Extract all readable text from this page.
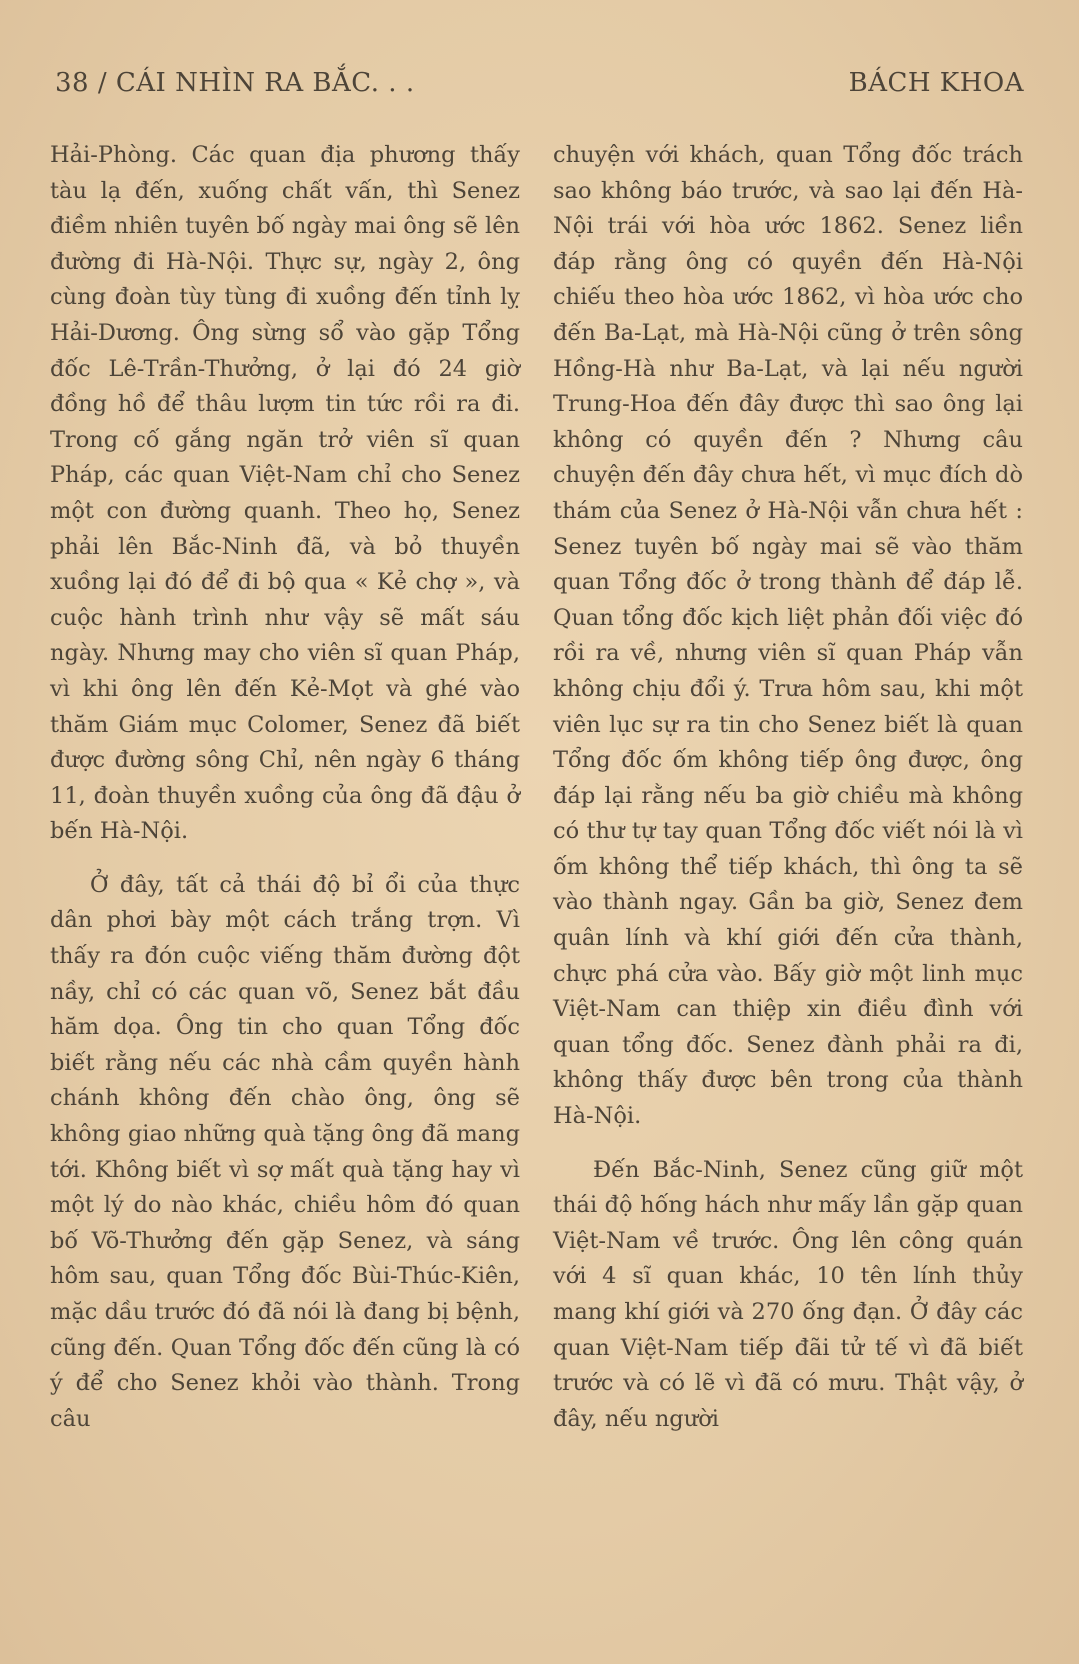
38 / CÁI NHÌN RA BẮC. . .	BÁCH KHOA

Hải-Phòng. Các quan địa phương thấy tàu lạ đến, xuống chất vấn, thì Senez điềm nhiên tuyên bố ngày mai ông sẽ lên đường đi Hà-Nội. Thực sự, ngày 2, ông cùng đoàn tùy tùng đi xuồng đến tỉnh lỵ Hải-Dương. Ông sừng sổ vào gặp Tổng đốc Lê-Trần-Thưởng, ở lại đó 24 giờ đồng hồ để thâu lượm tin tức rồi ra đi. Trong cố gắng ngăn trở viên sĩ quan Pháp, các quan Việt-Nam chỉ cho Senez một con đường quanh. Theo họ, Senez phải lên Bắc-Ninh đã, và bỏ thuyền xuồng lại đó để đi bộ qua « Kẻ chợ », và cuộc hành trình như vậy sẽ mất sáu ngày. Nhưng may cho viên sĩ quan Pháp, vì khi ông lên đến Kẻ-Mọt và ghé vào thăm Giám mục Colomer, Senez đã biết được đường sông Chỉ, nên ngày 6 tháng 11, đoàn thuyền xuồng của ông đã đậu ở bến Hà-Nội.

Ở đây, tất cả thái độ bỉ ổi của thực dân phơi bày một cách trắng trợn. Vì thấy ra đón cuộc viếng thăm đường đột nầy, chỉ có các quan võ, Senez bắt đầu hăm dọa. Ông tin cho quan Tổng đốc biết rằng nếu các nhà cầm quyền hành chánh không đến chào ông, ông sẽ không giao những quà tặng ông đã mang tới. Không biết vì sợ mất quà tặng hay vì một lý do nào khác, chiều hôm đó quan bố Võ-Thưởng đến gặp Senez, và sáng hôm sau, quan Tổng đốc Bùi-Thúc-Kiên, mặc dầu trước đó đã nói là đang bị bệnh, cũng đến. Quan Tổng đốc đến cũng là có ý để cho Senez khỏi vào thành. Trong câu

chuyện với khách, quan Tổng đốc trách sao không báo trước, và sao lại đến Hà-Nội trái với hòa ước 1862. Senez liền đáp rằng ông có quyền đến Hà-Nội chiếu theo hòa ước 1862, vì hòa ước cho đến Ba-Lạt, mà Hà-Nội cũng ở trên sông Hồng-Hà như Ba-Lạt, và lại nếu người Trung-Hoa đến đây được thì sao ông lại không có quyền đến ? Nhưng câu chuyện đến đây chưa hết, vì mục đích dò thám của Senez ở Hà-Nội vẫn chưa hết : Senez tuyên bố ngày mai sẽ vào thăm quan Tổng đốc ở trong thành để đáp lễ. Quan tổng đốc kịch liệt phản đối việc đó rồi ra về, nhưng viên sĩ quan Pháp vẫn không chịu đổi ý. Trưa hôm sau, khi một viên lục sự ra tin cho Senez biết là quan Tổng đốc ốm không tiếp ông được, ông đáp lại rằng nếu ba giờ chiều mà không có thư tự tay quan Tổng đốc viết nói là vì ốm không thể tiếp khách, thì ông ta sẽ vào thành ngay. Gần ba giờ, Senez đem quân lính và khí giới đến cửa thành, chực phá cửa vào. Bấy giờ một linh mục Việt-Nam can thiệp xin điều đình với quan tổng đốc. Senez đành phải ra đi, không thấy được bên trong của thành Hà-Nội.

Đến Bắc-Ninh, Senez cũng giữ một thái độ hống hách như mấy lần gặp quan Việt-Nam về trước. Ông lên công quán với 4 sĩ quan khác, 10 tên lính thủy mang khí giới và 270 ống đạn. Ở đây các quan Việt-Nam tiếp đãi tử tế vì đã biết trước và có lẽ vì đã có mưu. Thật vậy, ở đây, nếu người
